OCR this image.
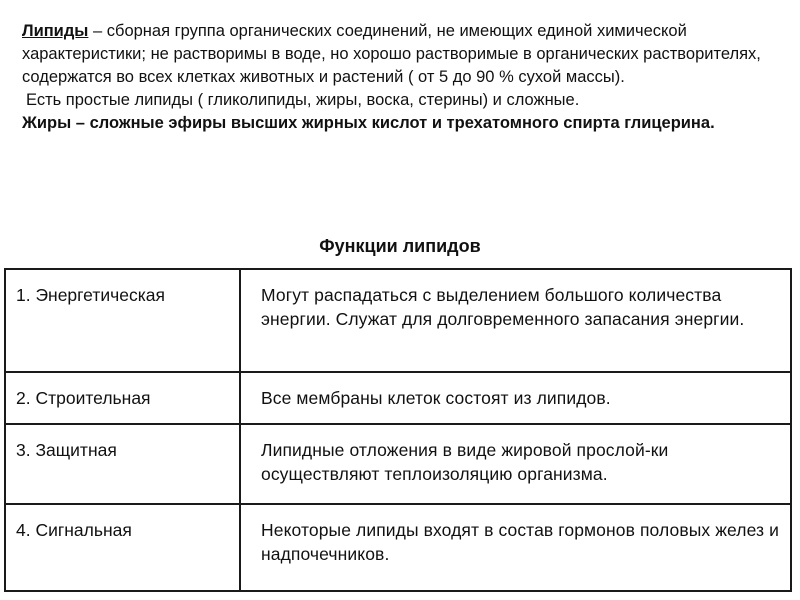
Липиды – сборная группа органических соединений, не имеющих единой химической характеристики; не растворимы в воде, но хорошо растворимые в органических растворителях, содержатся во всех клетках животных и растений ( от 5 до 90 % сухой массы).

Есть простые липиды ( гликолипиды, жиры, воска, стерины) и сложные.

Жиры – сложные эфиры высших жирных кислот и трехатомного спирта глицерина.

Функции липидов
1. Энергетическая	Могут распадаться с выделением большого количества энергии. Служат для долговременного запасания энергии.
2. Строительная	Все мембраны клеток состоят из липидов.
3. Защитная	Липидные отложения в виде жировой прослой-ки осуществляют теплоизоляцию организма.
4. Сигнальная	Некоторые липиды входят в состав гормонов половых желез и надпочечников.
